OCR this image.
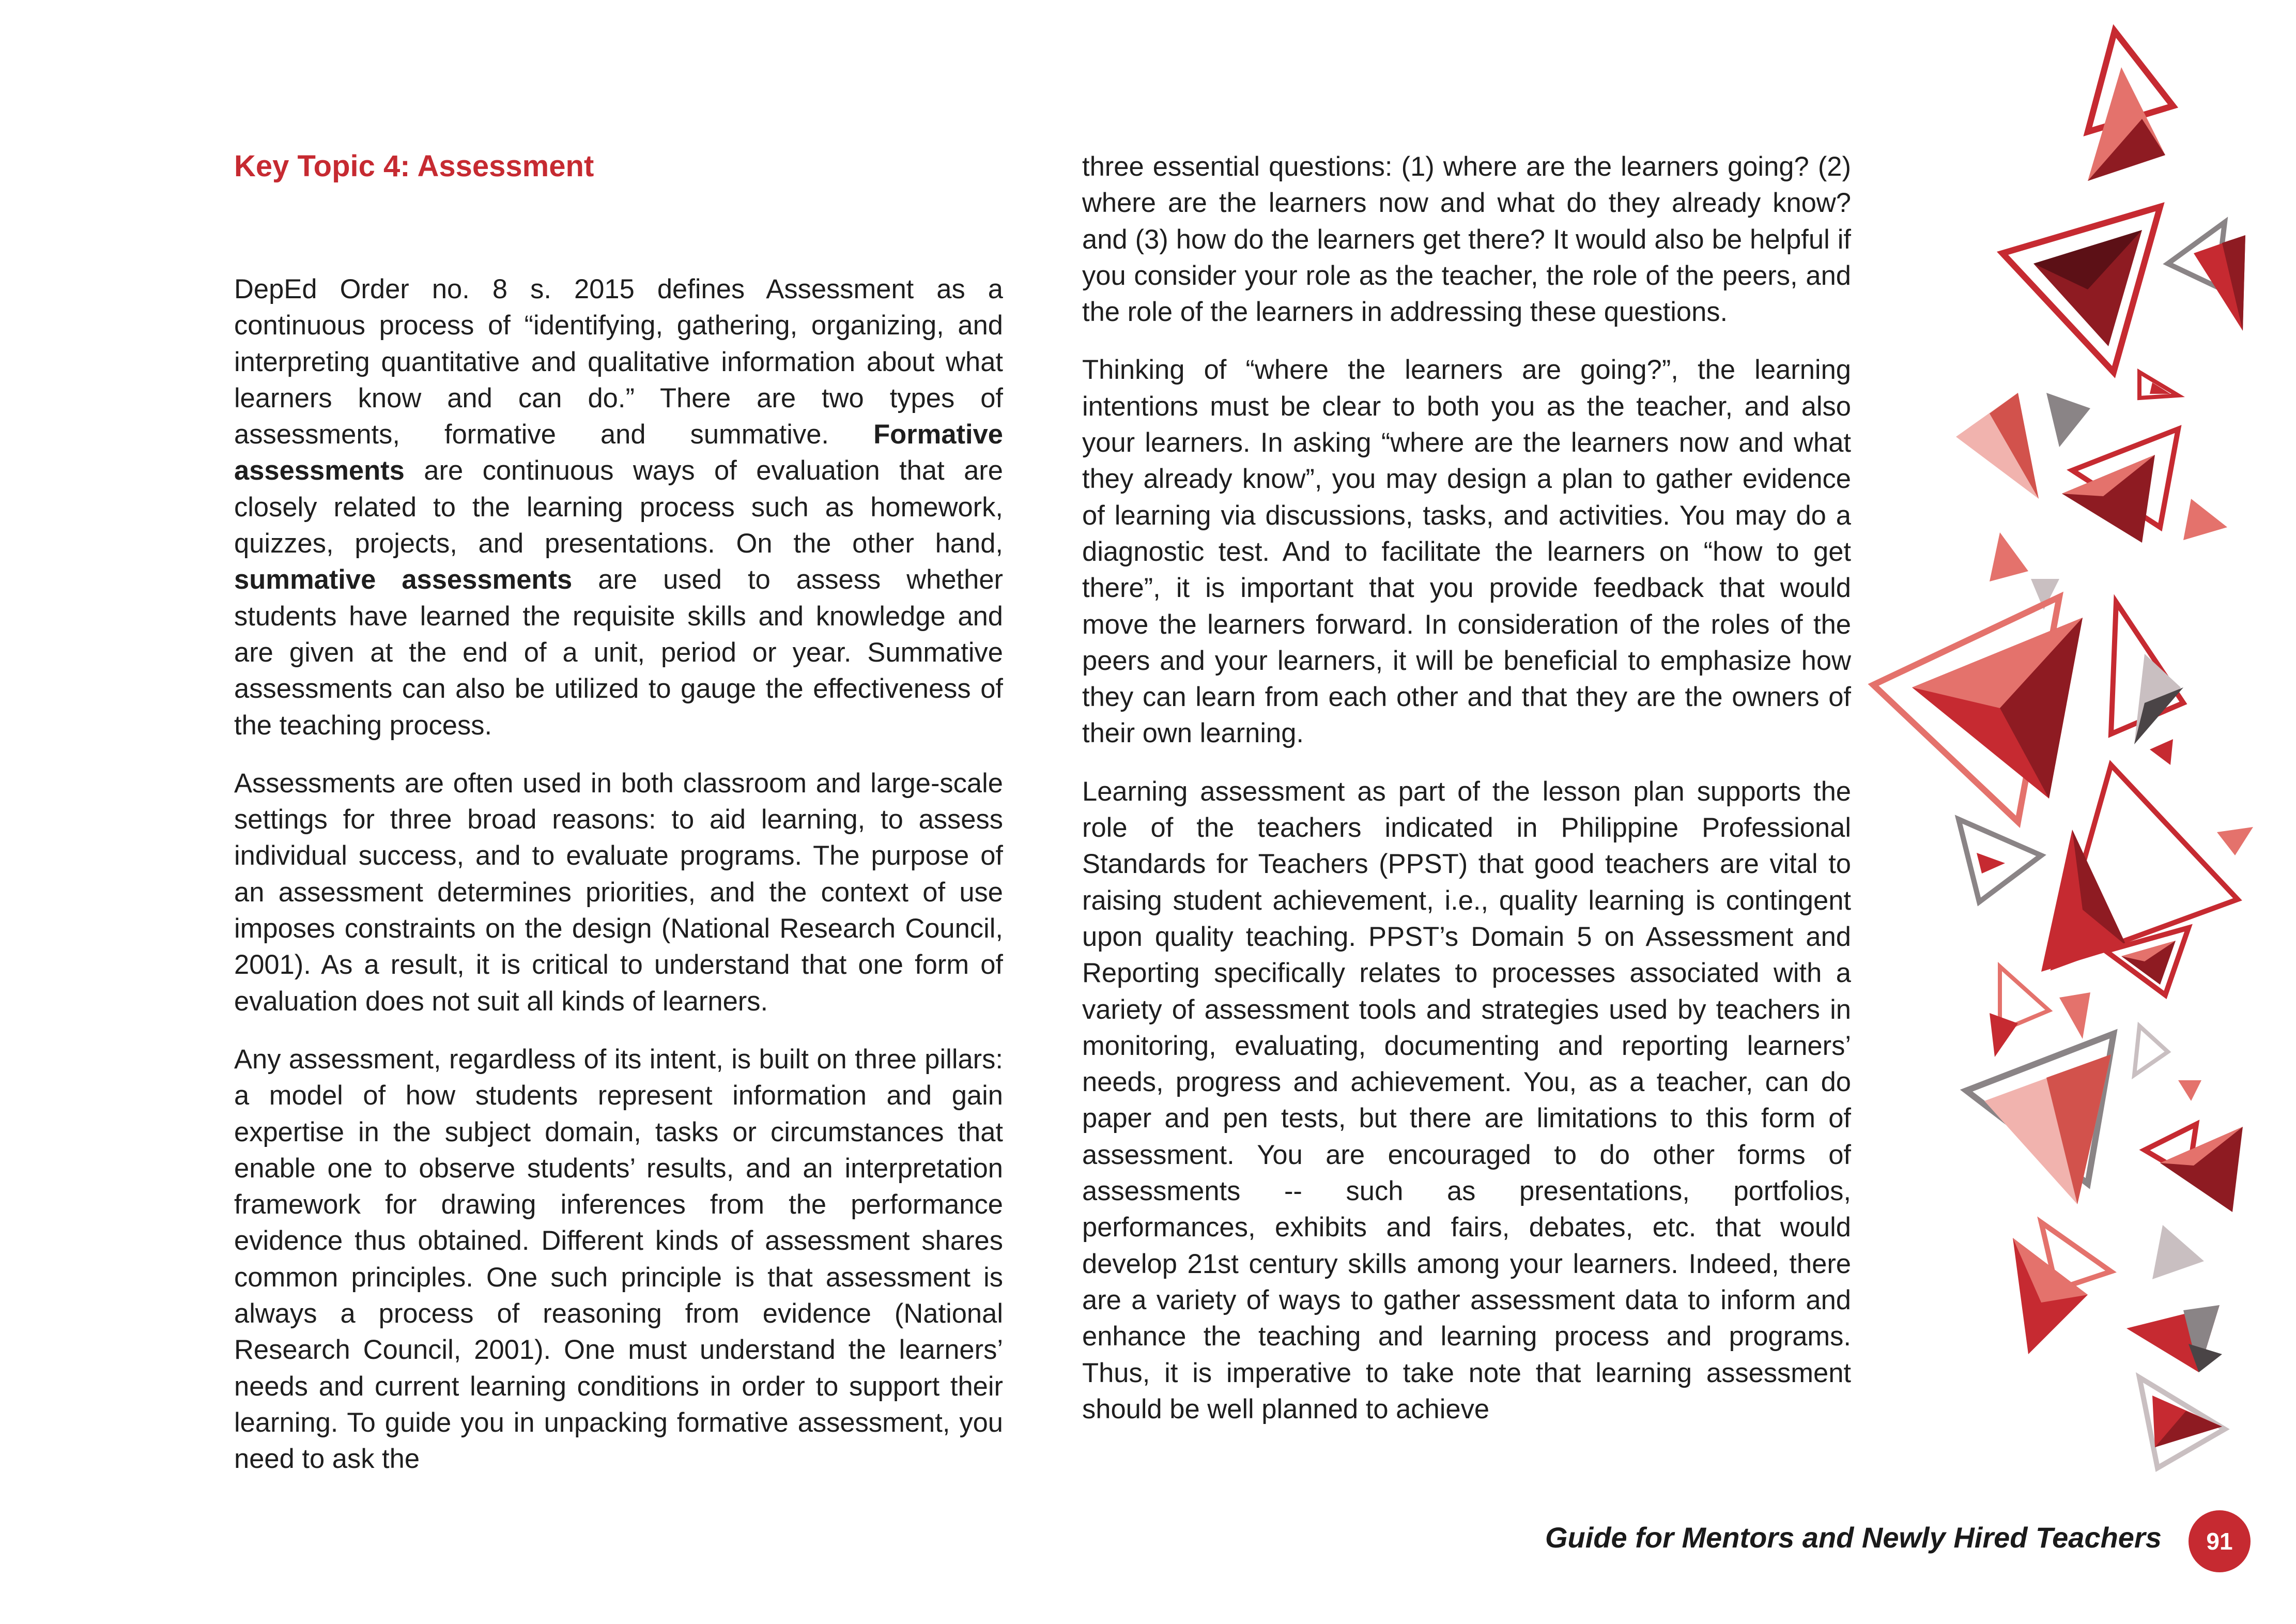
Key Topic 4: Assessment

DepEd Order no. 8 s. 2015 defines Assessment as a continuous process of “identifying, gathering, organizing, and interpreting quantitative and qualitative information about what learners know and can do.” There are two types of assessments, formative and summative. Formative assessments are continuous ways of evaluation that are closely related to the learning process such as homework, quizzes, projects, and presentations. On the other hand, summative assessments are used to assess whether students have learned the requisite skills and knowledge and are given at the end of a unit, period or year. Summative assessments can also be utilized to gauge the effectiveness of the teaching process.

Assessments are often used in both classroom and large-scale settings for three broad reasons: to aid learning, to assess individual success, and to evaluate programs. The purpose of an assessment determines priorities, and the context of use imposes constraints on the design (National Research Council, 2001). As a result, it is critical to understand that one form of evaluation does not suit all kinds of learners.

Any assessment, regardless of its intent, is built on three pillars: a model of how students represent information and gain expertise in the subject domain, tasks or circumstances that enable one to observe students’ results, and an interpretation framework for drawing inferences from the performance evidence thus obtained. Different kinds of assessment shares common principles. One such principle is that assessment is always a process of reasoning from evidence (National Research Council, 2001). One must understand the learners’ needs and current learning conditions in order to support their learning. To guide you in unpacking formative assessment, you need to ask the

three essential questions: (1) where are the learners going? (2) where are the learners now and what do they already know? and (3) how do the learners get there? It would also be helpful if you consider your role as the teacher, the role of the peers, and the role of the learners in addressing these questions.

Thinking of “where the learners are going?”, the learning intentions must be clear to both you as the teacher, and also your learners. In asking “where are the learners now and what they already know”, you may design a plan to gather evidence of learning via discussions, tasks, and activities. You may do a diagnostic test. And to facilitate the learners on “how to get there”, it is important that you provide feedback that would move the learners forward. In consideration of the roles of the peers and your learners, it will be beneficial to emphasize how they can learn from each other and that they are the owners of their own learning.

Learning assessment as part of the lesson plan supports the role of the teachers indicated in Philippine Professional Standards for Teachers (PPST) that good teachers are vital to raising student achievement, i.e., quality learning is contingent upon quality teaching. PPST’s Domain 5 on Assessment and Reporting specifically relates to processes associated with a variety of assessment tools and strategies used by teachers in monitoring, evaluating, documenting and reporting learners’ needs, progress and achievement. You, as a teacher, can do paper and pen tests, but there are limitations to this form of assessment. You are encouraged to do other forms of assessments -- such as presentations, portfolios, performances, exhibits and fairs, debates, etc. that would develop 21st century skills among your learners. Indeed, there are a variety of ways to gather assessment data to inform and enhance the teaching and learning process and programs. Thus, it is imperative to take note that learning assessment should be well planned to achieve

Guide for Mentors and Newly Hired Teachers	91
